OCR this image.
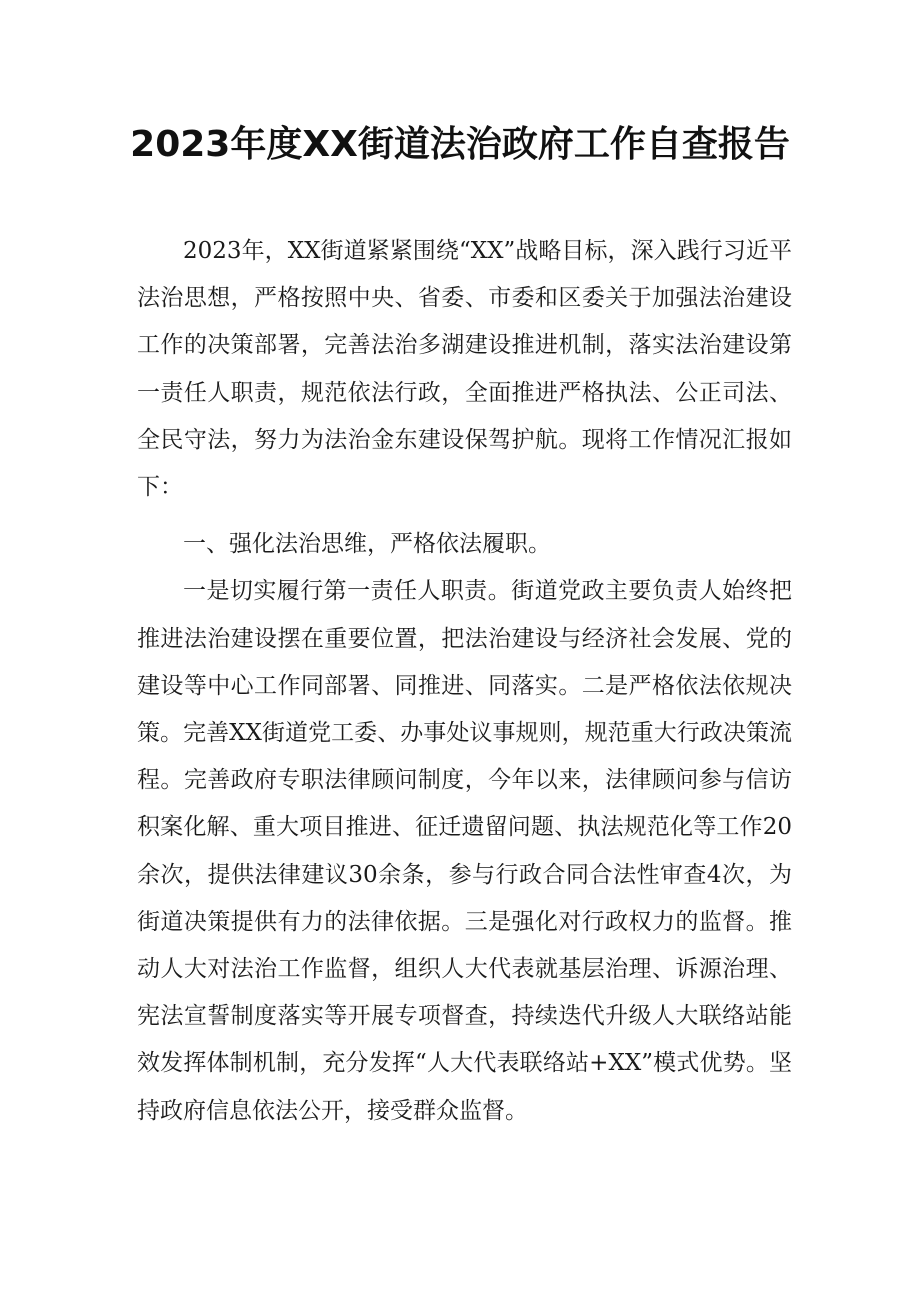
2023年度XX街道法治政府工作自查报告

2023年，XX街道紧紧围绕“XX”战略目标，深入践行习近平法治思想，严格按照中央、省委、市委和区委关于加强法治建设工作的决策部署，完善法治多湖建设推进机制，落实法治建设第一责任人职责，规范依法行政，全面推进严格执法、公正司法、全民守法，努力为法治金东建设保驾护航。现将工作情况汇报如下：

一、强化法治思维，严格依法履职。

一是切实履行第一责任人职责。街道党政主要负责人始终把推进法治建设摆在重要位置，把法治建设与经济社会发展、党的建设等中心工作同部署、同推进、同落实。二是严格依法依规决策。完善XX街道党工委、办事处议事规则，规范重大行政决策流程。完善政府专职法律顾问制度，今年以来，法律顾问参与信访积案化解、重大项目推进、征迁遗留问题、执法规范化等工作20余次，提供法律建议30余条，参与行政合同合法性审查4次，为街道决策提供有力的法律依据。三是强化对行政权力的监督。推动人大对法治工作监督，组织人大代表就基层治理、诉源治理、宪法宣誓制度落实等开展专项督查，持续迭代升级人大联络站能效发挥体制机制，充分发挥“人大代表联络站+XX”模式优势。坚持政府信息依法公开，接受群众监督。
